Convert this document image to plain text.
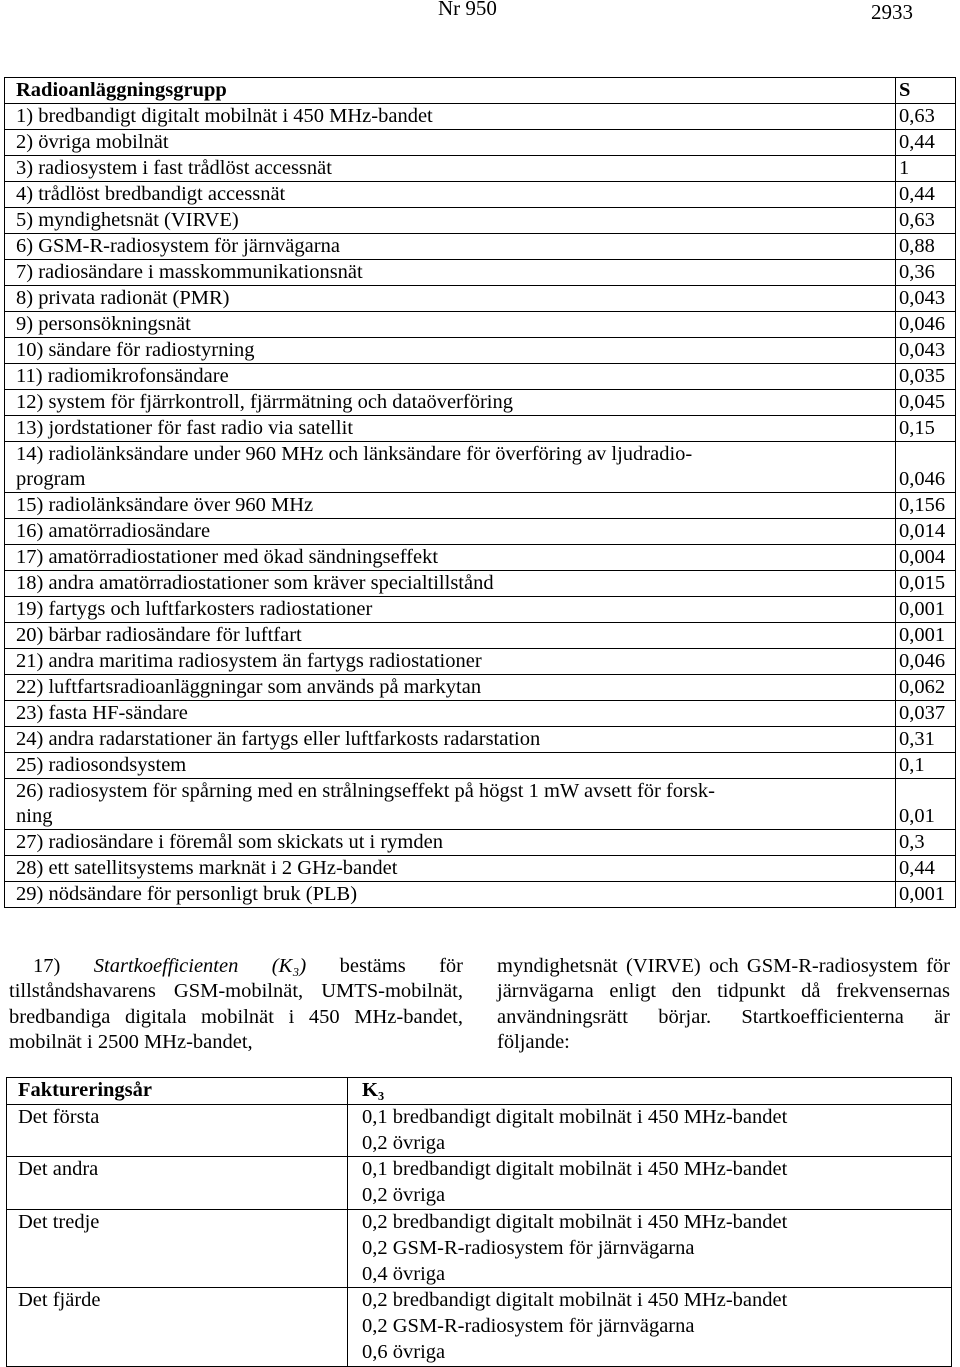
Nr 950	2933
Radioanläggningsgrupp	S
1) bredbandigt digitalt mobilnät i 450 MHz-bandet	0,63
2) övriga mobilnät	0,44
3) radiosystem i fast trådlöst accessnät	1
4) trådlöst bredbandigt accessnät	0,44
5) myndighetsnät (VIRVE)	0,63
6) GSM-R-radiosystem för järnvägarna	0,88
7) radiosändare i masskommunikationsnät	0,36
8) privata radionät (PMR)	0,043
9) personsökningsnät	0,046
10) sändare för radiostyrning	0,043
11) radiomikrofonsändare	0,035
12) system för fjärrkontroll, fjärrmätning och dataöverföring	0,045
13) jordstationer för fast radio via satellit	0,15

14) radiolänksändare under 960 MHz och länksändare för överföring av ljudradio-
program	0,046
15) radiolänksändare över 960 MHz	0,156
16) amatörradiosändare	0,014
17) amatörradiostationer med ökad sändningseffekt	0,004
18) andra amatörradiostationer som kräver specialtillstånd	0,015
19) fartygs och luftfarkosters radiostationer	0,001
20) bärbar radiosändare för luftfart	0,001
21) andra maritima radiosystem än fartygs radiostationer	0,046
22) luftfartsradioanläggningar som används på markytan	0,062
23) fasta HF-sändare	0,037
24) andra radarstationer än fartygs eller luftfarkosts radarstation	0,31
25) radiosondsystem	0,1

26) radiosystem för spårning med en strålningseffekt på högst 1 mW avsett för forsk-
ning	0,01
27) radiosändare i föremål som skickats ut i rymden	0,3
28) ett satellitsystems marknät i 2 GHz-bandet	0,44
29) nödsändare för personligt bruk (PLB)	0,001

17) Startkoefficienten (K₃) bestäms för tillståndshavarens GSM-mobilnät, UMTS-mobilnät, bredbandiga digitala mobilnät i 450 MHz-bandet, mobilnät i 2500 MHz-bandet,

myndighetsnät (VIRVE) och GSM-R-radiosystem för järnvägarna enligt den tidpunkt då frekvensernas användningsrätt börjar. Startkoefficienterna är följande:

Faktureringsår	K₃
Det första	0,1 bredbandigt digitalt mobilnät i 450 MHz-bandet
0,2 övriga

Det andra	0,1 bredbandigt digitalt mobilnät i 450 MHz-bandet
0,2 övriga

Det tredje	0,2 bredbandigt digitalt mobilnät i 450 MHz-bandet
0,2 GSM-R-radiosystem för järnvägarna
0,4 övriga

Det fjärde	0,2 bredbandigt digitalt mobilnät i 450 MHz-bandet
0,2 GSM-R-radiosystem för järnvägarna
0,6 övriga
